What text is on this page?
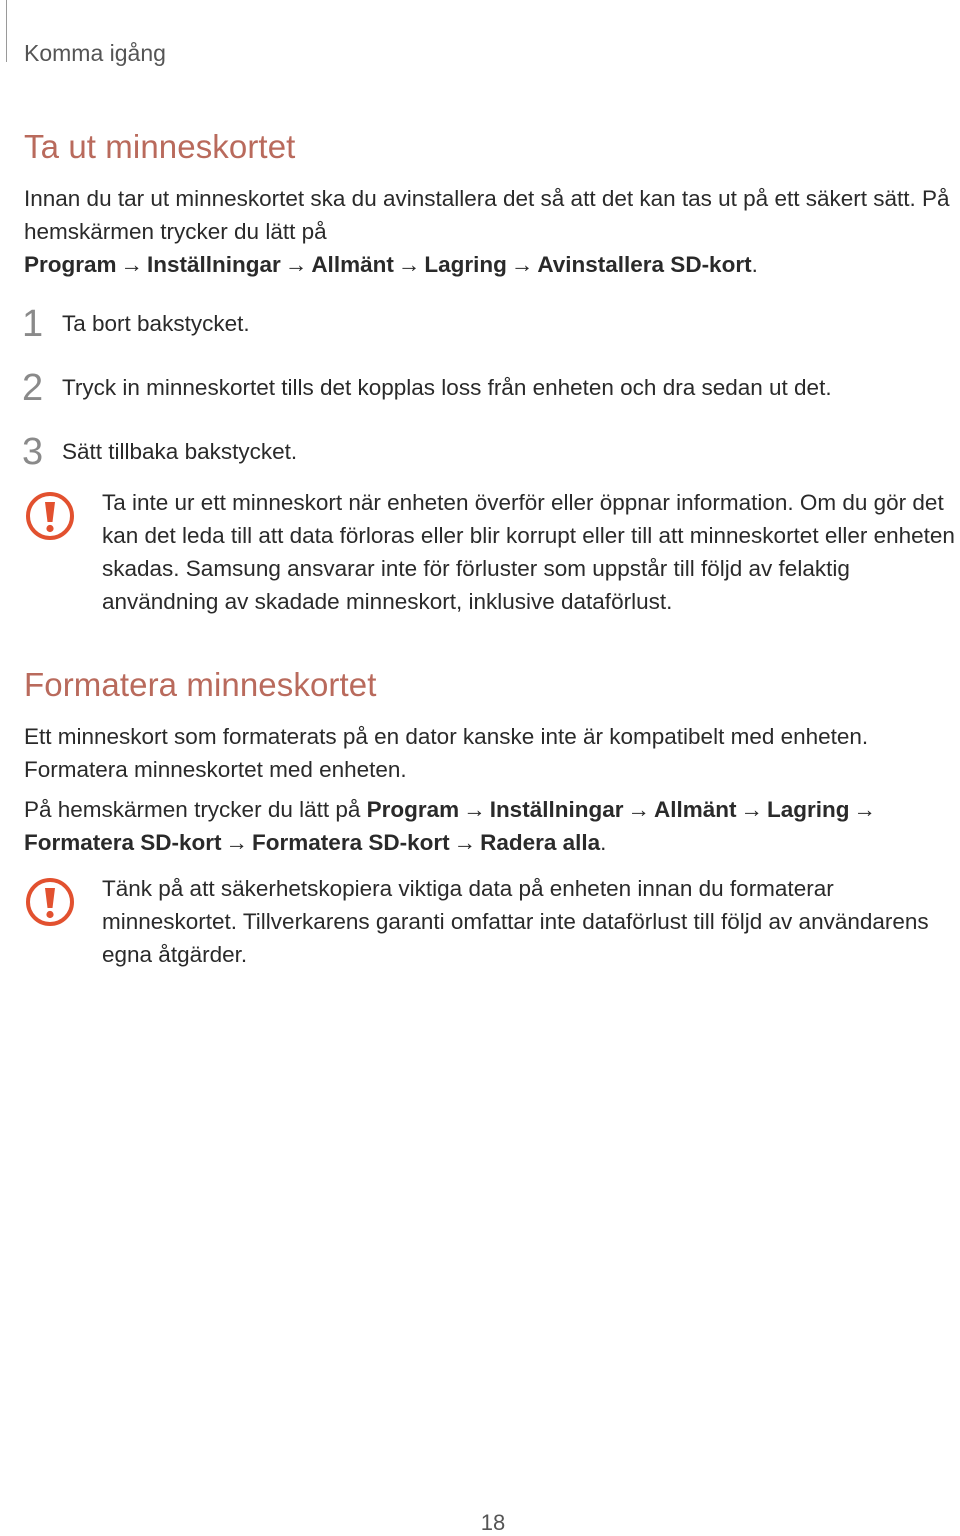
Komma igång
Ta ut minneskortet

Innan du tar ut minneskortet ska du avinstallera det så att det kan tas ut på ett säkert sätt. På hemskärmen trycker du lätt på Program → Inställningar → Allmänt → Lagring → Avinstallera SD-kort.

1 Ta bort bakstycket.
2 Tryck in minneskortet tills det kopplas loss från enheten och dra sedan ut det.
3 Sätt tillbaka bakstycket.
Ta inte ur ett minneskort när enheten överför eller öppnar information. Om du gör det kan det leda till att data förloras eller blir korrupt eller till att minneskortet eller enheten skadas. Samsung ansvarar inte för förluster som uppstår till följd av felaktig användning av skadade minneskort, inklusive dataförlust.
Formatera minneskortet

Ett minneskort som formaterats på en dator kanske inte är kompatibelt med enheten. Formatera minneskortet med enheten.

På hemskärmen trycker du lätt på Program → Inställningar → Allmänt → Lagring →
Formatera SD-kort → Formatera SD-kort → Radera alla.

Tänk på att säkerhetskopiera viktiga data på enheten innan du formaterar minneskortet. Tillverkarens garanti omfattar inte dataförlust till följd av användarens egna åtgärder.
18
